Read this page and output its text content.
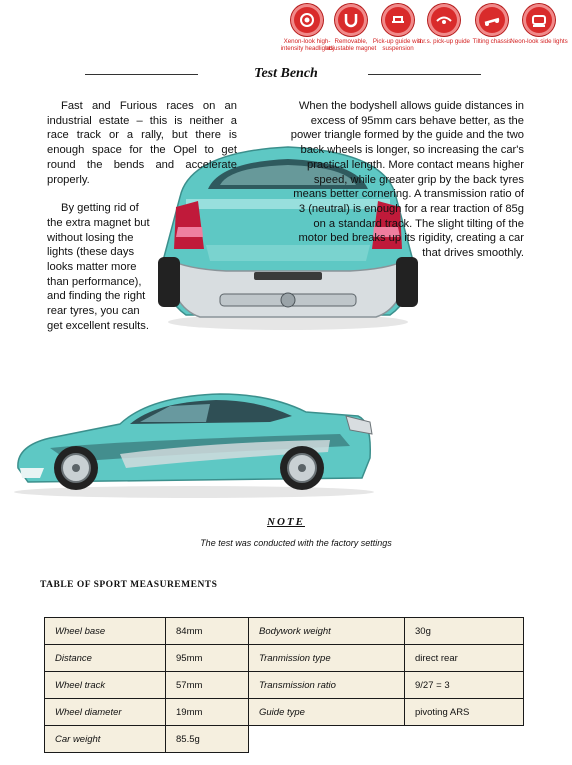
Xenon-look high-intensity headlights
Removable, adjustable magnet
Pick-up guide with suspension
a.r.s. pick-up guide Tilting chassis
Neon-look side lights
Test Bench

Fast and Furious races on an industrial estate – this is neither a race track or a rally, but there is enough space for the Opel to get round the bends and accelerate properly.

By getting rid of the extra magnet but without losing the lights (these days looks matter more than performance), and finding the right rear tyres, you can get excellent results.

When the bodyshell allows guide distances in excess of 95mm cars behave better, as the power triangle formed by the guide and the two back wheels is longer, so increasing the car's practical length. More contact means higher speed, while greater grip by the back tyres means better cornering. A transmission ratio of 3 (neutral) is enough for a rear traction of 85g on a standard track. The slight tilting of the motor bed breaks up its rigidity, creating a car that drives smoothly.

NOTE
The test was conducted with the factory settings
TABLE OF SPORT MEASUREMENTS
Wheel base	84mm	Bodywork weight	30g
Distance	95mm	Tranmission type	direct rear
Wheel track	57mm	Transmission ratio	9/27 = 3
Wheel diameter	19mm	Guide type	pivoting ARS
Car weight	85.5g		
